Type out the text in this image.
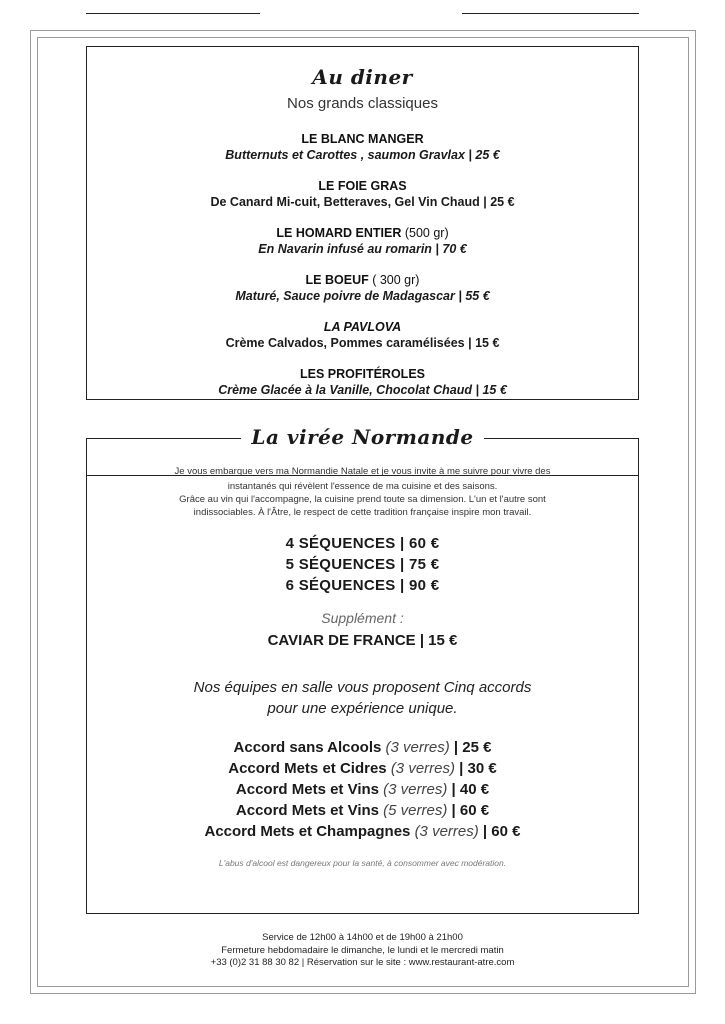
Au diner
Nos grands classiques
LE BLANC MANGER
Butternuts et Carottes , saumon Gravlax | 25 €
LE FOIE GRAS
De Canard Mi-cuit, Betteraves, Gel Vin Chaud | 25 €
LE HOMARD ENTIER (500 gr)
En Navarin infusé au romarin | 70 €
LE BOEUF ( 300 gr)
Maturé, Sauce poivre de Madagascar | 55 €
LA PAVLOVA
Crème Calvados, Pommes caramélisées | 15 €
LES PROFITÉROLES
Crème Glacée à la Vanille, Chocolat Chaud | 15 €
La virée Normande
Je vous embarque vers ma Normandie Natale et je vous invite à me suivre pour vivre des
instantanés qui révèlent l'essence de ma cuisine et des saisons.
Grâce au vin qui l'accompagne, la cuisine prend toute sa dimension. L'un et l'autre sont
indissociables. À l'Âtre, le respect de cette tradition française inspire mon travail.
4 SÉQUENCES | 60 €
5 SÉQUENCES | 75 €
6 SÉQUENCES | 90 €
Supplément :
CAVIAR DE FRANCE | 15 €
Nos équipes en salle vous proposent Cinq accords
pour une expérience unique.
Accord sans Alcools (3 verres) | 25 €
Accord Mets et Cidres (3 verres) | 30 €
Accord Mets et Vins (3 verres) | 40 €
Accord Mets et Vins (5 verres) | 60 €
Accord Mets et Champagnes (3 verres) | 60 €
L'abus d'alcool est dangereux pour la santé, à consommer avec modération.
Service de 12h00 à 14h00 et de 19h00 à 21h00
Fermeture hebdomadaire le dimanche, le lundi et le mercredi matin
+33 (0)2 31 88 30 82 | Réservation sur le site : www.restaurant-atre.com
